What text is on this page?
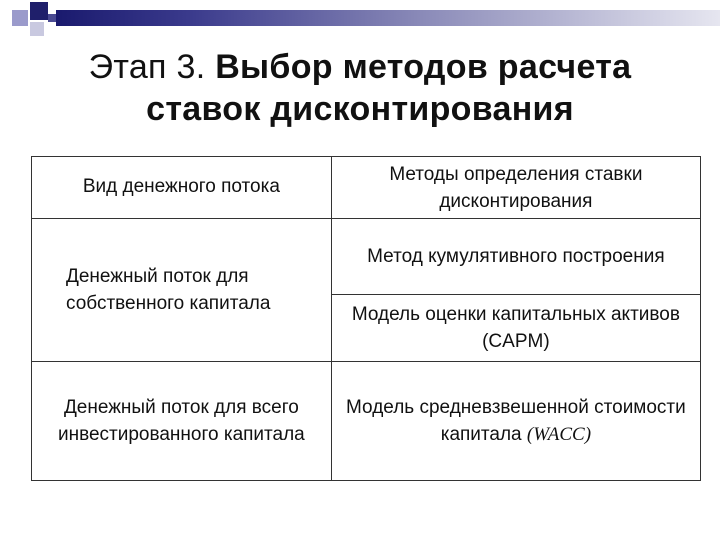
Этап 3. Выбор методов расчета
ставок дисконтирования
Вид денежного потока	Методы определения ставки дисконтирования

Денежный поток для собственного капитала	Метод кумулятивного построения
	Модель оценки капитальных активов (CAPM)
Денежный поток для всего инвестированного капитала	Модель средневзвешенной стоимости капитала (WACC)
